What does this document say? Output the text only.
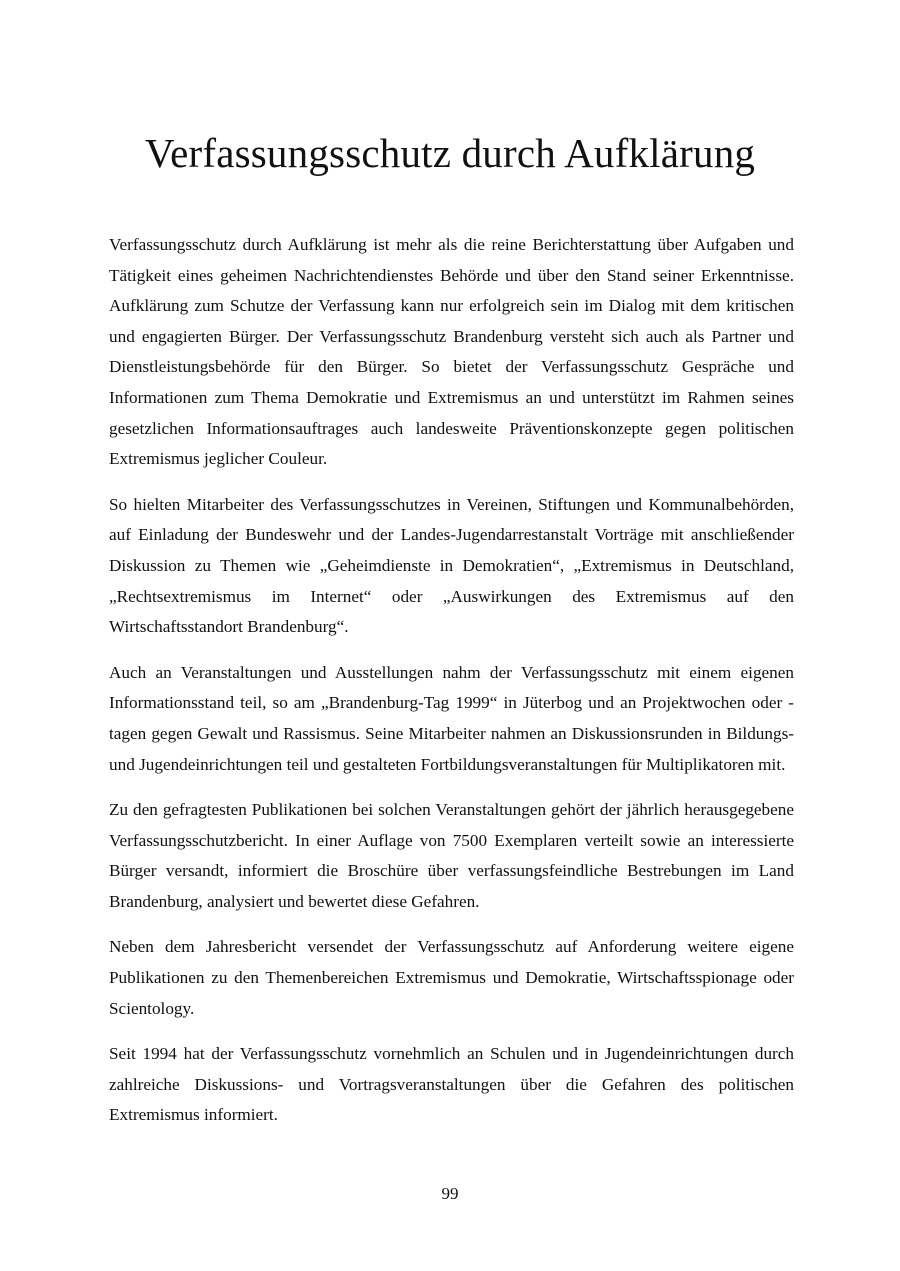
Verfassungsschutz durch Aufklärung

Verfassungsschutz durch Aufklärung ist mehr als die reine Berichterstattung über Aufgaben und Tätigkeit eines geheimen Nachrichtendienstes Behörde und über den Stand seiner Erkenntnisse. Aufklärung zum Schutze der Verfassung kann nur erfolgreich sein im Dialog mit dem kritischen und engagierten Bürger. Der Verfassungsschutz Brandenburg versteht sich auch als Partner und Dienstleistungsbehörde für den Bürger. So bietet der Verfassungsschutz Gespräche und Informationen zum Thema Demokratie und Extremismus an und unterstützt im Rahmen seines gesetzlichen Informationsauftrages auch landesweite Präventionskonzepte gegen politischen Extremismus jeglicher Couleur.

So hielten Mitarbeiter des Verfassungsschutzes in Vereinen, Stiftungen und Kommunalbehörden, auf Einladung der Bundeswehr und der Landes-Jugendarrestanstalt Vorträge mit anschließender Diskussion zu Themen wie „Geheimdienste in Demokratien“, „Extremismus in Deutschland, „Rechtsextremismus im Internet“ oder „Auswirkungen des Extremismus auf den Wirtschaftsstandort Brandenburg“.

Auch an Veranstaltungen und Ausstellungen nahm der Verfassungsschutz mit einem eigenen Informationsstand teil, so am „Brandenburg-Tag 1999“ in Jüterbog und an Projektwochen oder -tagen gegen Gewalt und Rassismus. Seine Mitarbeiter nahmen an Diskussionsrunden in Bildungs- und Jugendeinrichtungen teil und gestalteten Fortbildungsveranstaltungen für Multiplikatoren mit.

Zu den gefragtesten Publikationen bei solchen Veranstaltungen gehört der jährlich herausgegebene Verfassungsschutzbericht. In einer Auflage von 7500 Exemplaren verteilt sowie an interessierte Bürger versandt, informiert die Broschüre über verfassungsfeindliche Bestrebungen im Land Brandenburg, analysiert und bewertet diese Gefahren.

Neben dem Jahresbericht versendet der Verfassungsschutz auf Anforderung weitere eigene Publikationen zu den Themenbereichen Extremismus und Demokratie, Wirtschaftsspionage oder Scientology.

Seit 1994 hat der Verfassungsschutz vornehmlich an Schulen und in Jugendeinrichtungen durch zahlreiche Diskussions- und Vortragsveranstaltungen über die Gefahren des politischen Extremismus informiert.

99
